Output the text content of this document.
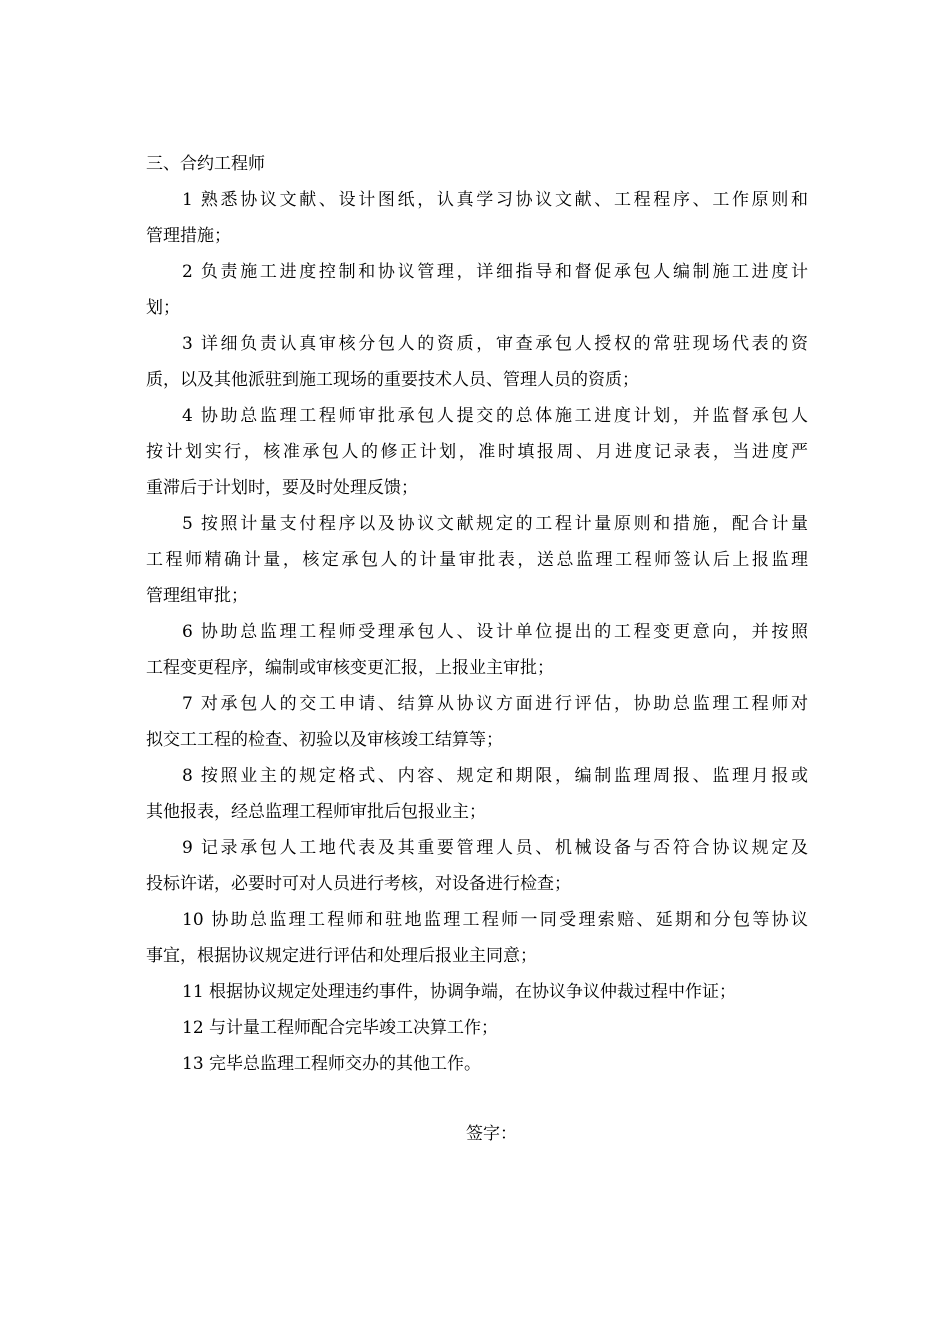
三、合约工程师

1 熟悉协议文献、设计图纸，认真学习协议文献、工程程序、工作原则和
管理措施；
2 负责施工进度控制和协议管理，详细指导和督促承包人编制施工进度计
划；
3 详细负责认真审核分包人的资质，审查承包人授权的常驻现场代表的资
质，以及其他派驻到施工现场的重要技术人员、管理人员的资质；
4 协助总监理工程师审批承包人提交的总体施工进度计划，并监督承包人
按计划实行，核准承包人的修正计划，准时填报周、月进度记录表，当进度严
重滞后于计划时，要及时处理反馈；
5 按照计量支付程序以及协议文献规定的工程计量原则和措施，配合计量
工程师精确计量，核定承包人的计量审批表，送总监理工程师签认后上报监理
管理组审批；
6 协助总监理工程师受理承包人、设计单位提出的工程变更意向，并按照
工程变更程序，编制或审核变更汇报，上报业主审批；
7 对承包人的交工申请、结算从协议方面进行评估，协助总监理工程师对
拟交工工程的检查、初验以及审核竣工结算等；
8 按照业主的规定格式、内容、规定和期限，编制监理周报、监理月报或
其他报表，经总监理工程师审批后包报业主；
9 记录承包人工地代表及其重要管理人员、机械设备与否符合协议规定及
投标许诺，必要时可对人员进行考核，对设备进行检查；
10 协助总监理工程师和驻地监理工程师一同受理索赔、延期和分包等协议
事宜，根据协议规定进行评估和处理后报业主同意；
11 根据协议规定处理违约事件，协调争端，在协议争议仲裁过程中作证；
12 与计量工程师配合完毕竣工决算工作；
13 完毕总监理工程师交办的其他工作。
签字：
